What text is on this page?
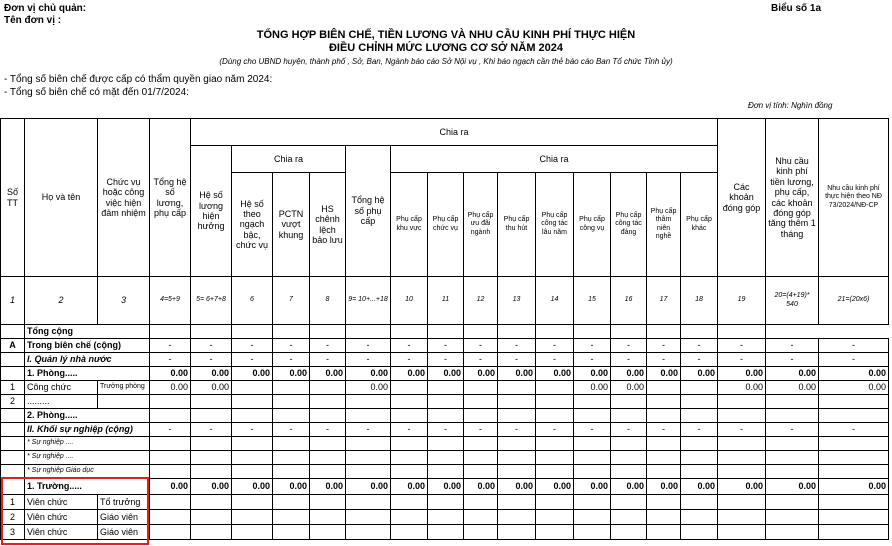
Đơn vị chủ quản:
Tên đơn vị :
Biểu số 1a
TỔNG HỢP BIÊN CHẾ, TIỀN LƯƠNG VÀ NHU CẦU KINH PHÍ THỰC HIỆN
ĐIỀU CHỈNH MỨC LƯƠNG CƠ SỞ NĂM 2024
(Dùng cho UBND huyện, thành phố , Sở, Ban, Ngành báo cáo Sở Nội vụ , Khi báo ngạch cần thẻ báo cáo Ban Tổ chức Tỉnh ủy)
- Tổng số biên chế được cấp có thẩm quyền giao năm 2024:
- Tổng số biên chế có mặt đến 01/7/2024:
Đơn vị tính: Nghìn đồng
Số TT	Họ và tên	Chức vụ hoặc công việc hiện đảm nhiệm	Tổng hệ số lương, phụ cấp	Chia ra														Các khoản đóng góp	Nhu cầu kinh phí tiền lương, phụ cấp, các khoản đóng góp tăng thêm 1 tháng	Nhu cầu kinh phí thực hiện theo NĐ 73/2024/NĐ-CP
				Hệ số lương hiện hưởng	Chia ra			Tổng hệ số phụ cấp	Chia ra											
					Hệ số theo ngạch bậc, chức vụ	PCTN vượt khung	HS chênh lệch bảo lưu		Phụ cấp khu vực	Phụ cấp chức vụ	Phụ cấp ưu đãi ngành	Phụ cấp thu hút	Phụ cấp công tác lâu năm	Phụ cấp công vụ	Phụ cấp công tác đảng	Phụ cấp thâm niên nghề	Phụ cấp khác			
1	2	3	4=5+9	5= 6+7+8	6	7	8	9= 10+...+18	10	11	12	13	14	15	16	17	18	19	20=(4+19)* 540	21=(20x6)
	Tổng cộng																			
A	Trong biên chế (cộng)		-	-	-	-	-	-	-	-	-	-	-	-	-	-	-	-	-	-
	I. Quản lý nhà nước		-	-	-	-	-	-	-	-	-	-	-	-	-	-	-	-	-	-
	1. Phòng.....		0.00	0.00	0.00	0.00	0.00	0.00	0.00	0.00	0.00	0.00	0.00	0.00	0.00	0.00	0.00	0.00	0.00	0.00
1	Công chức	Trưởng phòng	0.00	0.00				0.00						0.00	0.00			0.00	0.00	0.00
2	.........																			
	2. Phòng.....																			
	II. Khối sự nghiệp (cộng)		-	-	-	-	-	-	-	-	-	-	-	-	-	-	-	-	-	-
	* Sự nghiệp ....																			
	* Sự nghiệp ....																			
	* Sự nghiệp Giáo dục																			
	1. Trường.....		0.00	0.00	0.00	0.00	0.00	0.00	0.00	0.00	0.00	0.00	0.00	0.00	0.00	0.00	0.00	0.00	0.00	0.00
1	Viên chức	Tổ trưởng																		
2	Viên chức	Giáo viên																		
3	Viên chức	Giáo viên																		
